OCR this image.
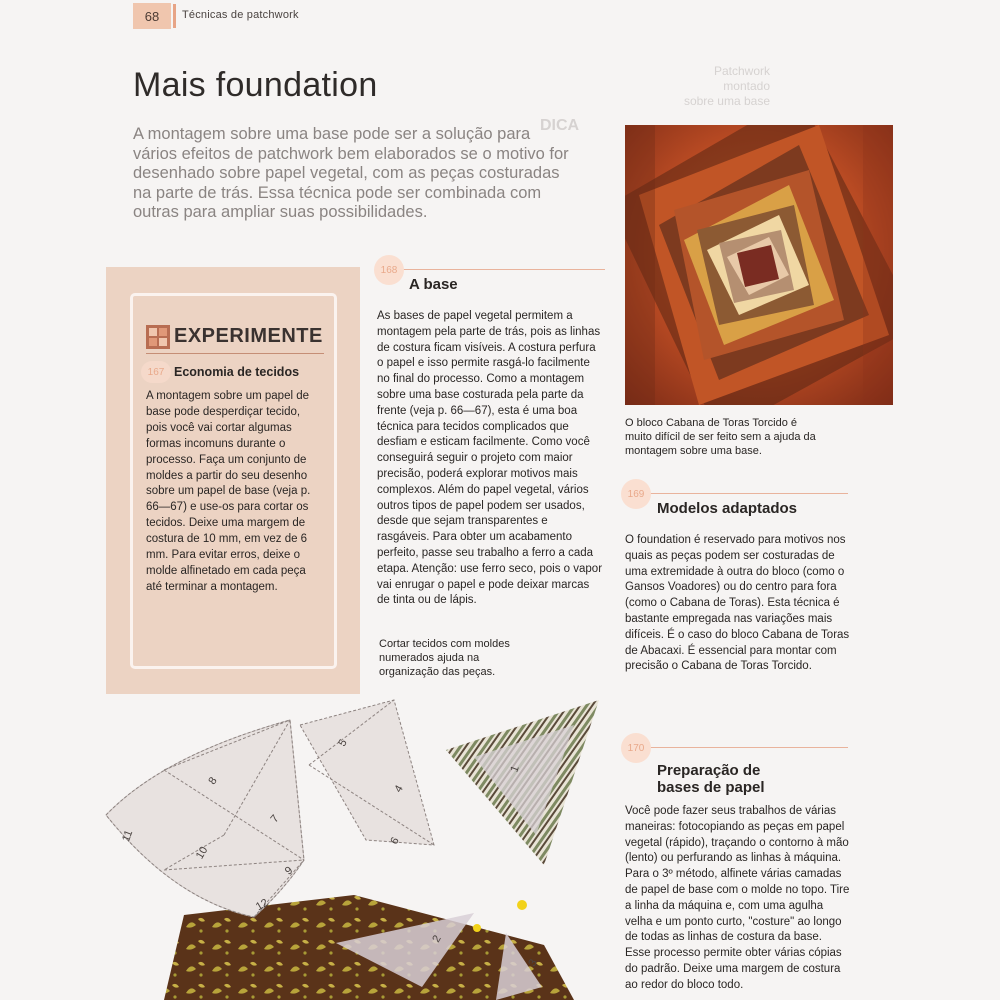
68	Técnicas de patchwork
Patchwork montado
sobre uma base
DICA
Mais foundation

A montagem sobre uma base pode ser a solução para vários efeitos de patchwork bem elaborados se o motivo for desenhado sobre papel vegetal, com as peças costuradas na parte de trás. Essa técnica pode ser combinada com outras para ampliar suas possibilidades.

EXPERIMENTE
167 Economia de tecidos

A montagem sobre um papel de base pode desperdiçar tecido, pois você vai cortar algumas formas incomuns durante o processo. Faça um conjunto de moldes a partir do seu desenho sobre um papel de base (veja p. 66—67) e use-os para cortar os tecidos. Deixe uma margem de costura de 10 mm, em vez de 6 mm. Para evitar erros, deixe o molde alfinetado em cada peça até terminar a montagem.

168
A base

As bases de papel vegetal permitem a montagem pela parte de trás, pois as linhas de costura ficam visíveis. A costura perfura o papel e isso permite rasgá-lo facilmente no final do processo. Como a montagem sobre uma base costurada pela parte da frente (veja p. 66—67), esta é uma boa técnica para tecidos complicados que desfiam e esticam facilmente. Como você conseguirá seguir o projeto com maior precisão, poderá explorar motivos mais complexos. Além do papel vegetal, vários outros tipos de papel podem ser usados, desde que sejam transparentes e rasgáveis. Para obter um acabamento perfeito, passe seu trabalho a ferro a cada etapa. Atenção: use ferro seco, pois o vapor vai enrugar o papel e pode deixar marcas de tinta ou de lápis.

Cortar tecidos com moldes numerados ajuda na organização das peças.

O bloco Cabana de Toras Torcido é muito difícil de ser feito sem a ajuda da montagem sobre uma base.

169
Modelos adaptados

O foundation é reservado para motivos nos quais as peças podem ser costuradas de uma extremidade à outra do bloco (como o Gansos Voadores) ou do centro para fora (como o Cabana de Toras). Esta técnica é bastante empregada nas variações mais difíceis. É o caso do bloco Cabana de Toras de Abacaxi. É essencial para montar com precisão o Cabana de Toras Torcido.

170
Preparação de
bases de papel

Você pode fazer seus trabalhos de várias maneiras: fotocopiando as peças em papel vegetal (rápido), traçando o contorno à mão (lento) ou perfurando as linhas à máquina. Para o 3º método, alfinete várias camadas de papel de base com o molde no topo. Tire a linha da máquina e, com uma agulha velha e um ponto curto, "costure" ao longo de todas as linhas de costura da base. Esse processo permite obter várias cópias do padrão. Deixe uma margem de costura ao redor do bloco todo.

11
10
8
7
9
12
5
4
6
1
2
3
